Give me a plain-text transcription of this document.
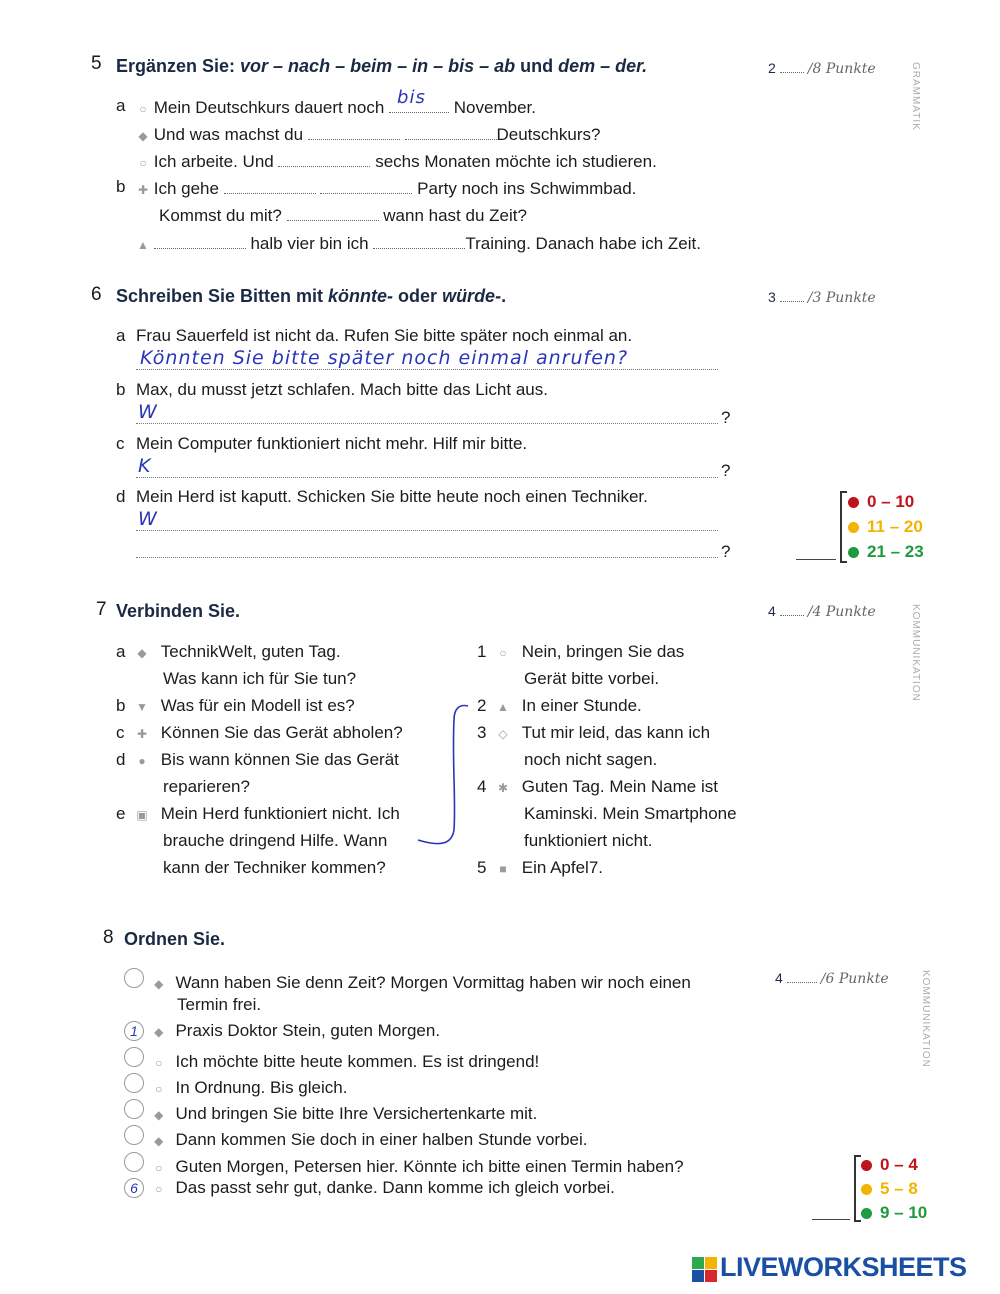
5 Ergänzen Sie: vor – nach – beim – in – bis – ab und dem – der.	2 /8 Punkte	GRAMMATIK
a ○ Mein Deutschkurs dauert noch bis November.
◆ Und was machst du	Deutschkurs?
○ Ich arbeite. Und	sechs Monaten möchte ich studieren.
b ✚ Ich gehe	Party noch ins Schwimmbad.
Kommst du mit?	wann hast du Zeit?
▲	halb vier bin ich	Training. Danach habe ich Zeit.
6 Schreiben Sie Bitten mit könnte- oder würde-.	3 /3 Punkte
a Frau Sauerfeld ist nicht da. Rufen Sie bitte später noch einmal an.
Könnten Sie bitte später noch einmal anrufen?
b Max, du musst jetzt schlafen. Mach bitte das Licht aus.
W	?
c Mein Computer funktioniert nicht mehr. Hilf mir bitte.
K	?
d Mein Herd ist kaputt. Schicken Sie bitte heute noch einen Techniker.
W
?
0 – 10
11 – 20
21 – 23
7 Verbinden Sie.	4 /4 Punkte	KOMMUNIKATION
a ◆ TechnikWelt, guten Tag.
Was kann ich für Sie tun?
b ▼ Was für ein Modell ist es?
c ✚ Können Sie das Gerät abholen?
d ● Bis wann können Sie das Gerät
reparieren?
e ▣ Mein Herd funktioniert nicht. Ich
brauche dringend Hilfe. Wann
kann der Techniker kommen?
1 ○ Nein, bringen Sie das
Gerät bitte vorbei.
2 ▲ In einer Stunde.
3 ◇ Tut mir leid, das kann ich
noch nicht sagen.
4 ✱ Guten Tag. Mein Name ist
Kaminski. Mein Smartphone
funktioniert nicht.
5 ■ Ein Apfel7.
8 Ordnen Sie.
4	/6 Punkte	KOMMUNIKATION
◆ Wann haben Sie denn Zeit? Morgen Vormittag haben wir noch einen
Termin frei.
1 ◆ Praxis Doktor Stein, guten Morgen.
○ Ich möchte bitte heute kommen. Es ist dringend!
○ In Ordnung. Bis gleich.
◆ Und bringen Sie bitte Ihre Versichertenkarte mit.
◆ Dann kommen Sie doch in einer halben Stunde vorbei.
○ Guten Morgen, Petersen hier. Könnte ich bitte einen Termin haben?
6 ○ Das passt sehr gut, danke. Dann komme ich gleich vorbei.
0 – 4
5 – 8
9 – 10
LIVEWORKSHEETS
